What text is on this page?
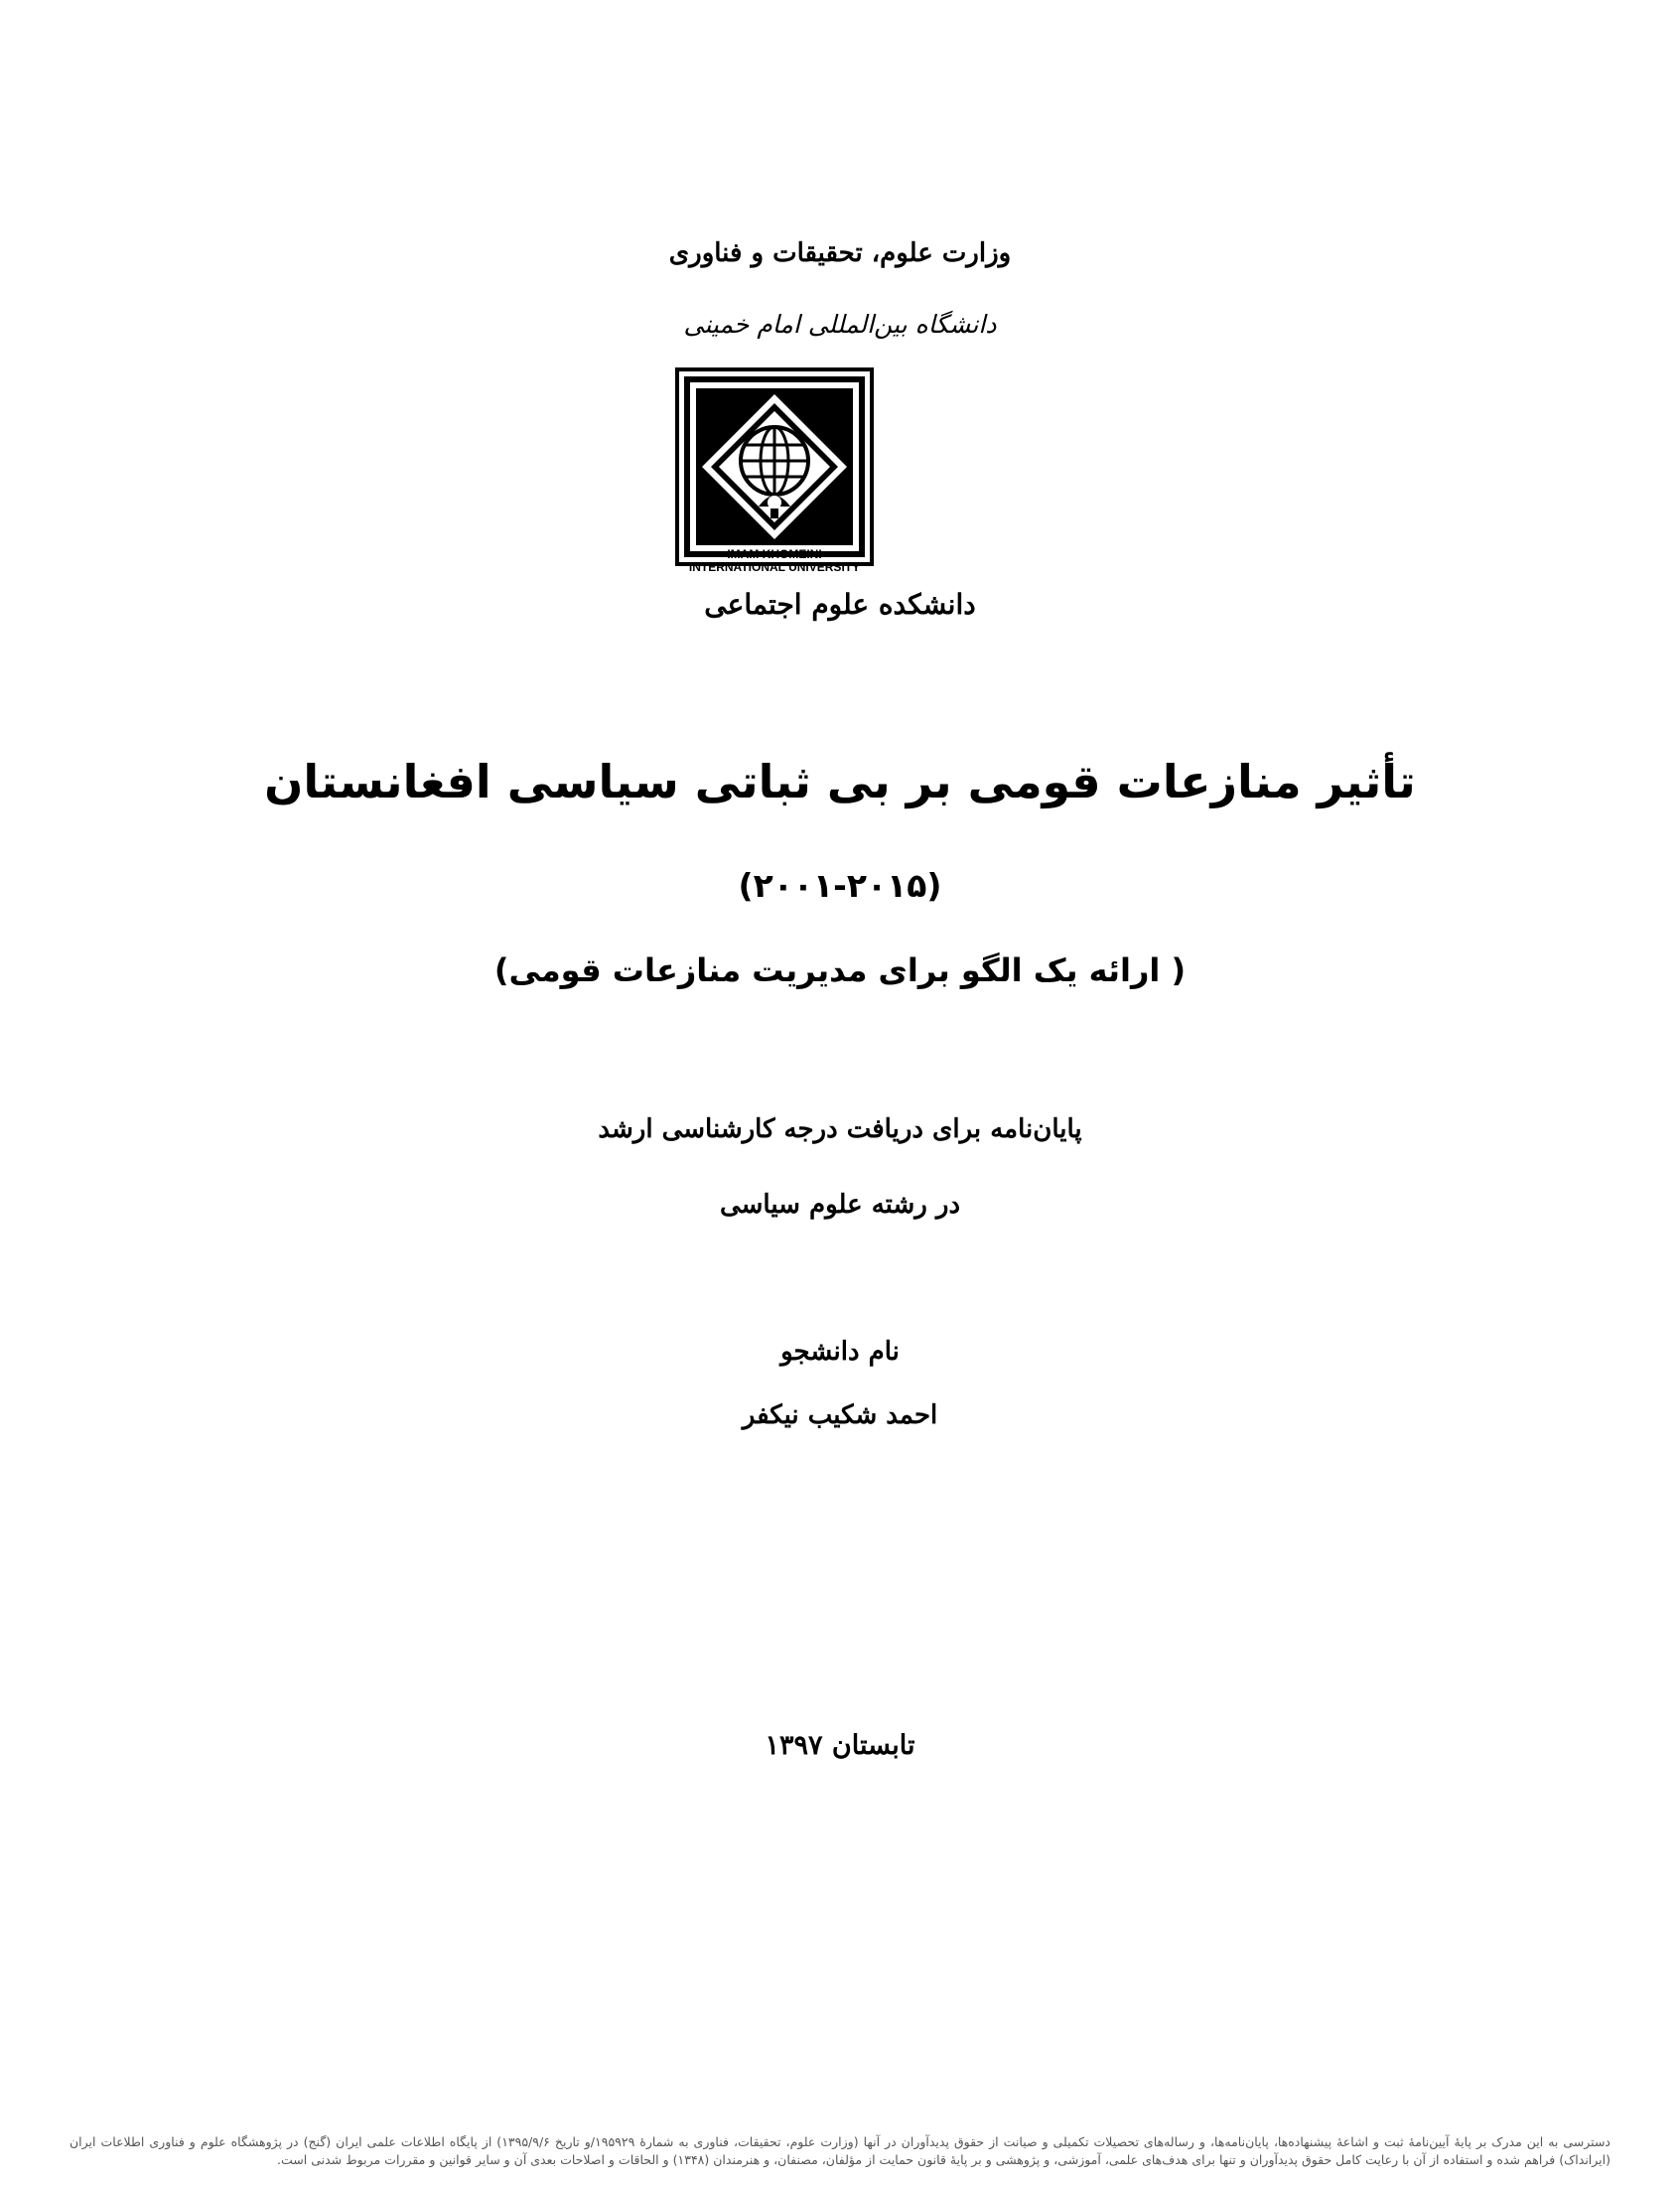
وزارت علوم، تحقیقات و فناوری
دانشگاه بین‌المللی امام خمینی
IMAM KHOMEINI
INTERNATIONAL UNIVERSITY
دانشکده علوم اجتماعی
تأثیر منازعات قومی بر بی ثباتی سیاسی افغانستان
(۲۰۰۱-۲۰۱۵)
( ارائه یک الگو برای مدیریت منازعات قومی)
پایان‌نامه برای دریافت درجه کارشناسی ارشد
در رشته علوم سیاسی
نام دانشجو
احمد شکیب نیکفر
تابستان ۱۳۹۷
دسترسی به این مدرک بر پایهٔ آیین‌نامهٔ ثبت و اشاعهٔ پیشنهاده‌ها، پایان‌نامه‌ها، و رساله‌های تحصیلات تکمیلی و صیانت از حقوق پدیدآوران در آنها (وزارت علوم، تحقیقات، فناوری به شمارهٔ ۱۹۵۹۲۹/و تاریخ ۱۳۹۵/۹/۶) از پایگاه اطلاعات علمی ایران (گنج) در پژوهشگاه علوم و فناوری اطلاعات ایران (ایرانداک) فراهم شده و استفاده از آن با رعایت کامل حقوق پدیدآوران و تنها برای هدف‌های علمی، آموزشی، و پژوهشی و بر پایهٔ قانون حمایت از مؤلفان، مصنفان، و هنرمندان (۱۳۴۸) و الحاقات و اصلاحات بعدی آن و سایر قوانین و مقررات مربوط شدنی است.
